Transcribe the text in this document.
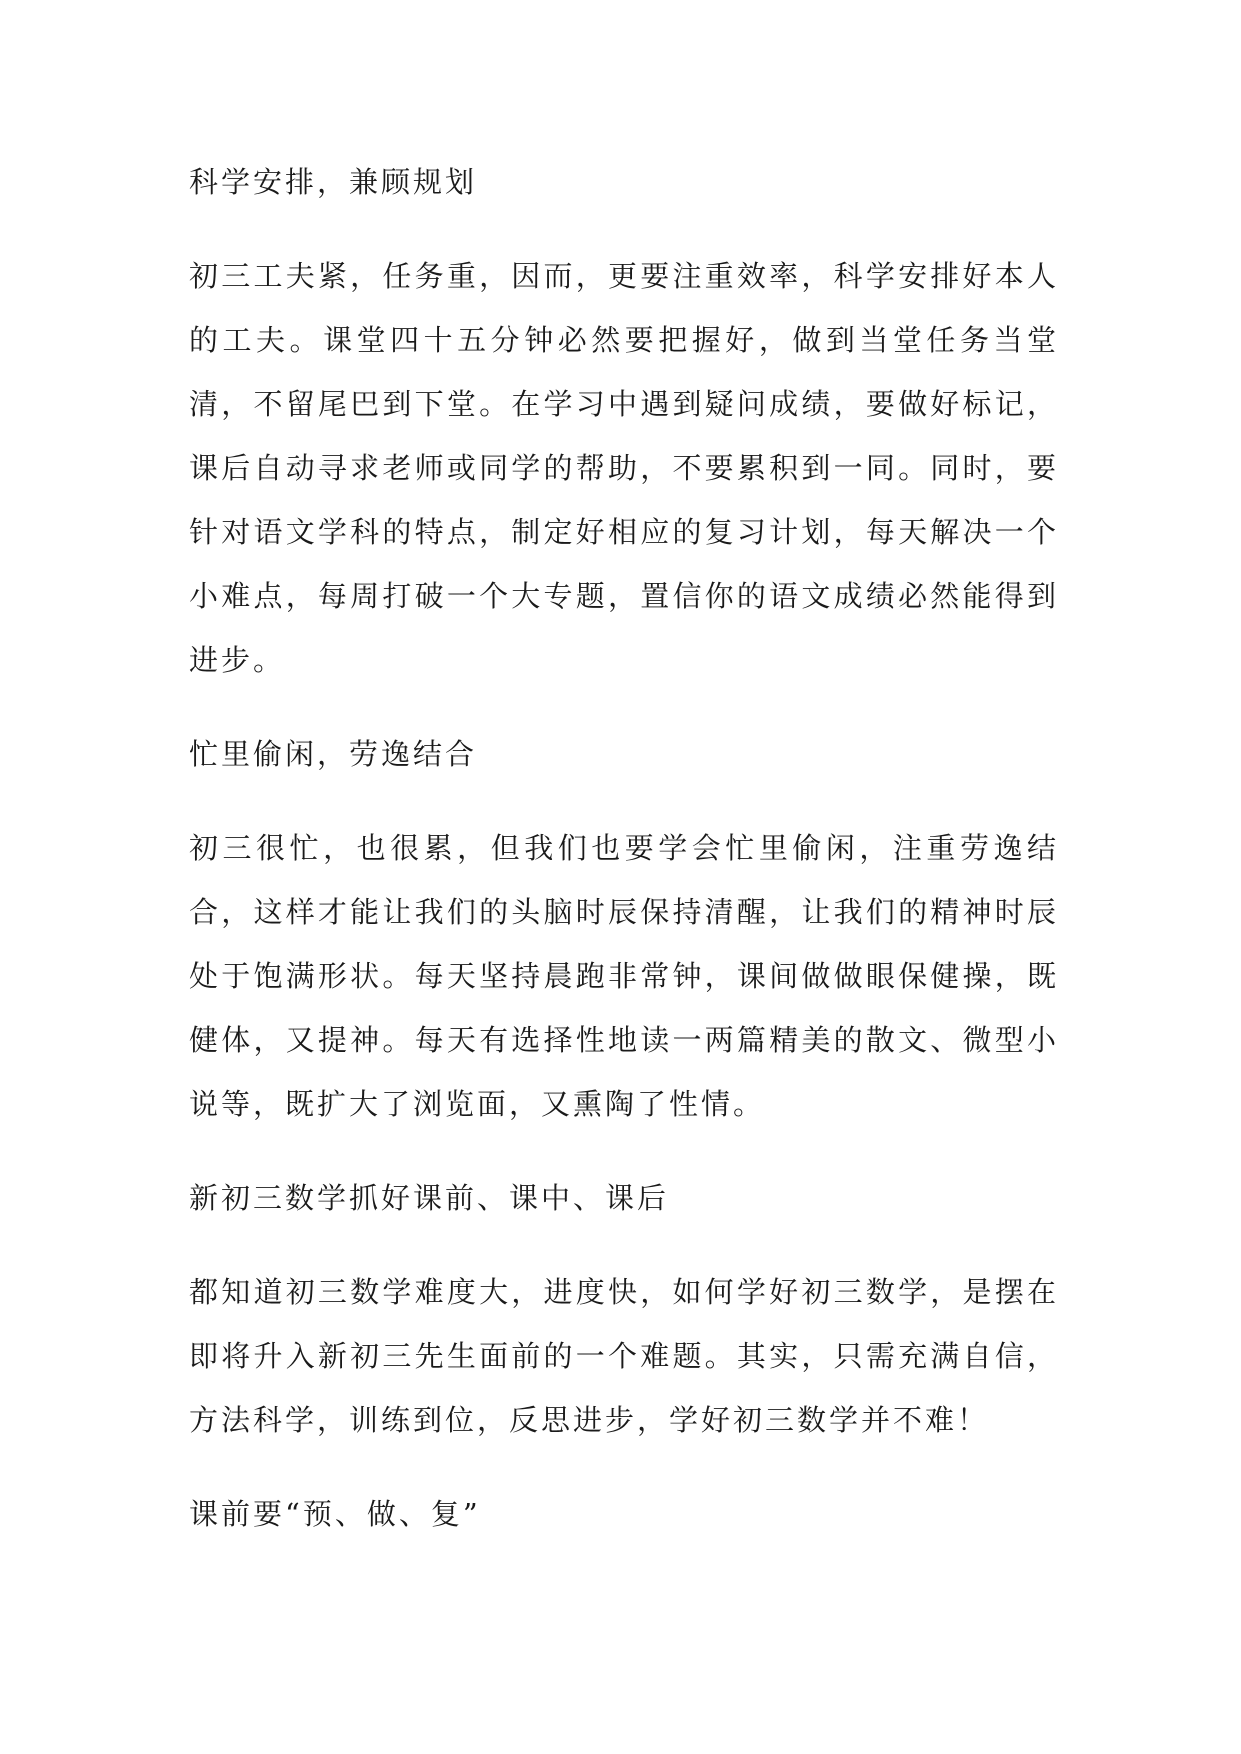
科学安排，兼顾规划

初三工夫紧，任务重，因而，更要注重效率，科学安排好本人的工夫。课堂四十五分钟必然要把握好，做到当堂任务当堂清，不留尾巴到下堂。在学习中遇到疑问成绩，要做好标记，课后自动寻求老师或同学的帮助，不要累积到一同。同时，要针对语文学科的特点，制定好相应的复习计划，每天解决一个小难点，每周打破一个大专题，置信你的语文成绩必然能得到进步。

忙里偷闲，劳逸结合

初三很忙，也很累，但我们也要学会忙里偷闲，注重劳逸结合，这样才能让我们的头脑时辰保持清醒，让我们的精神时辰处于饱满形状。每天坚持晨跑非常钟，课间做做眼保健操，既健体，又提神。每天有选择性地读一两篇精美的散文、微型小说等，既扩大了浏览面，又熏陶了性情。

新初三数学抓好课前、课中、课后

都知道初三数学难度大，进度快，如何学好初三数学，是摆在即将升入新初三先生面前的一个难题。其实，只需充满自信，方法科学，训练到位，反思进步，学好初三数学并不难！

课前要“预、做、复”
